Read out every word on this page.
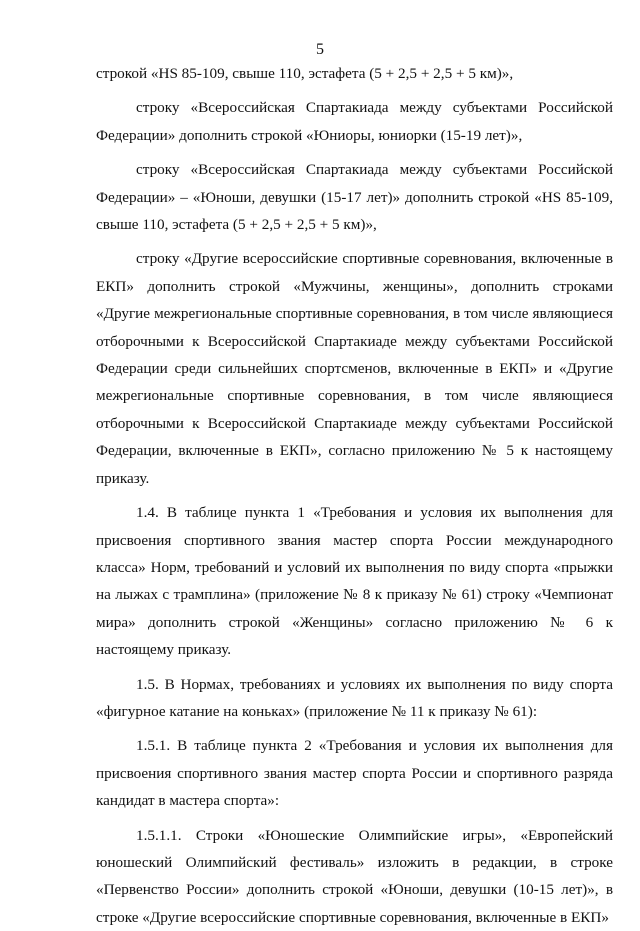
5

строкой «HS 85-109, свыше 110, эстафета (5 + 2,5 + 2,5 + 5 км)»,

строку «Всероссийская Спартакиада между субъектами Российской Федерации» дополнить строкой «Юниоры, юниорки (15-19 лет)»,

строку «Всероссийская Спартакиада между субъектами Российской Федерации» – «Юноши, девушки (15-17 лет)» дополнить строкой «HS 85-109, свыше 110, эстафета (5 + 2,5 + 2,5 + 5 км)»,

строку «Другие всероссийские спортивные соревнования, включенные в ЕКП» дополнить строкой «Мужчины, женщины», дополнить строками «Другие межрегиональные спортивные соревнования, в том числе являющиеся отборочными к Всероссийской Спартакиаде между субъектами Российской Федерации среди сильнейших спортсменов, включенные в ЕКП» и «Другие межрегиональные спортивные соревнования, в том числе являющиеся отборочными к Всероссийской Спартакиаде между субъектами Российской Федерации, включенные в ЕКП», согласно приложению № 5 к настоящему приказу.

1.4. В таблице пункта 1 «Требования и условия их выполнения для присвоения спортивного звания мастер спорта России международного класса» Норм, требований и условий их выполнения по виду спорта «прыжки на лыжах с трамплина» (приложение № 8 к приказу № 61) строку «Чемпионат мира» дополнить строкой «Женщины» согласно приложению № 6 к настоящему приказу.

1.5. В Нормах, требованиях и условиях их выполнения по виду спорта «фигурное катание на коньках» (приложение № 11 к приказу № 61):

1.5.1. В таблице пункта 2 «Требования и условия их выполнения для присвоения спортивного звания мастер спорта России и спортивного разряда кандидат в мастера спорта»:

1.5.1.1. Строки «Юношеские Олимпийские игры», «Европейский юношеский Олимпийский фестиваль» изложить в редакции, в строке «Первенство России» дополнить строкой «Юноши, девушки (10-15 лет)», в строке «Другие всероссийские спортивные соревнования, включенные в ЕКП»
